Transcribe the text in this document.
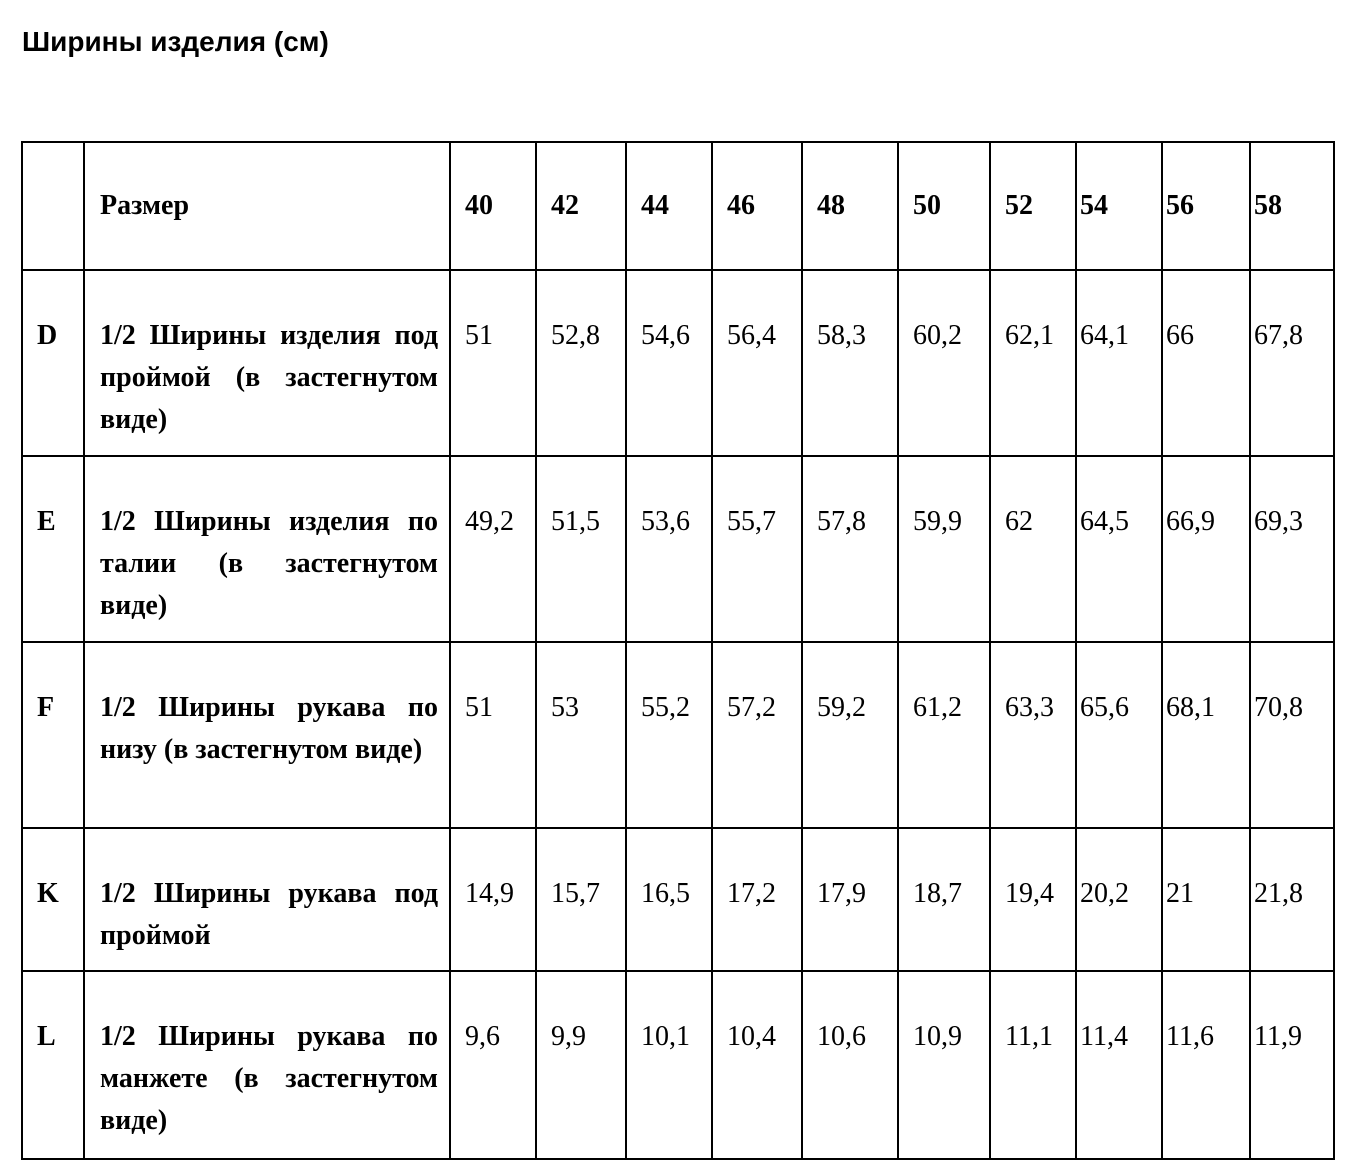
Ширины изделия (см)
	Размер	40	42	44	46	48	50	52	54	56	58
D	1/2 Ширины изделия под проймой (в застегнутом виде)	51	52,8	54,6	56,4	58,3	60,2	62,1	64,1	66	67,8
E	1/2 Ширины изделия по талии (в застегнутом виде)	49,2	51,5	53,6	55,7	57,8	59,9	62	64,5	66,9	69,3
F	1/2 Ширины рукава по низу (в застегнутом виде)	51	53	55,2	57,2	59,2	61,2	63,3	65,6	68,1	70,8
K	1/2 Ширины рукава под проймой	14,9	15,7	16,5	17,2	17,9	18,7	19,4	20,2	21	21,8
L	1/2 Ширины рукава по манжете (в застегнутом виде)	9,6	9,9	10,1	10,4	10,6	10,9	11,1	11,4	11,6	11,9
